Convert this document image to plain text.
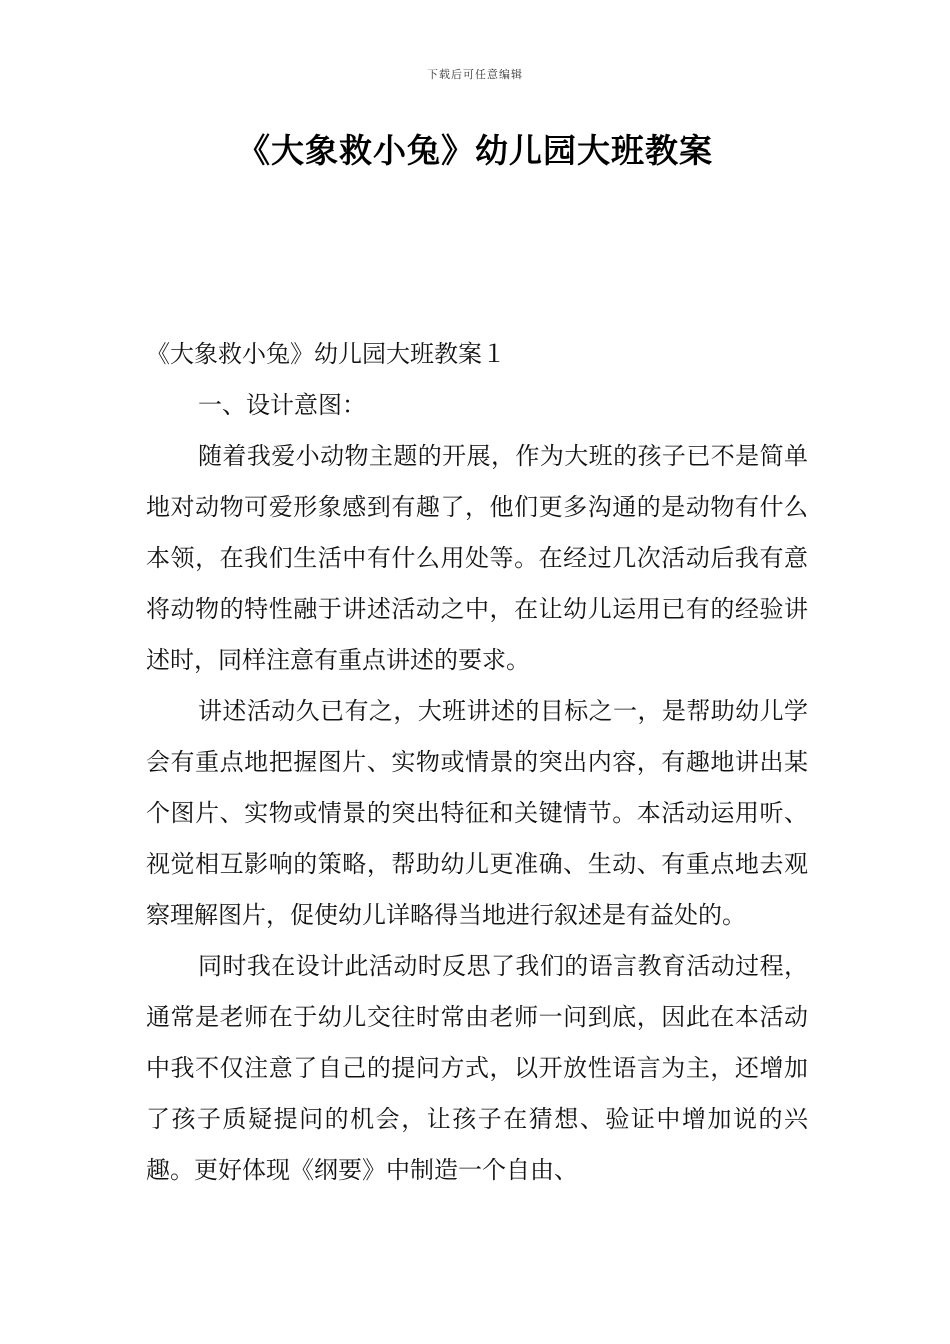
下载后可任意编辑
《大象救小兔》幼儿园大班教案

《大象救小兔》幼儿园大班教案１

一、设计意图：

随着我爱小动物主题的开展，作为大班的孩子已不是简单地对动物可爱形象感到有趣了，他们更多沟通的是动物有什么本领，在我们生活中有什么用处等。在经过几次活动后我有意将动物的特性融于讲述活动之中，在让幼儿运用已有的经验讲述时，同样注意有重点讲述的要求。

讲述活动久已有之，大班讲述的目标之一，是帮助幼儿学会有重点地把握图片、实物或情景的突出内容，有趣地讲出某个图片、实物或情景的突出特征和关键情节。本活动运用听、视觉相互影响的策略，帮助幼儿更准确、生动、有重点地去观察理解图片，促使幼儿详略得当地进行叙述是有益处的。

同时我在设计此活动时反思了我们的语言教育活动过程，通常是老师在于幼儿交往时常由老师一问到底，因此在本活动中我不仅注意了自己的提问方式，以开放性语言为主，还增加了孩子质疑提问的机会，让孩子在猜想、验证中增加说的兴趣。更好体现《纲要》中制造一个自由、
